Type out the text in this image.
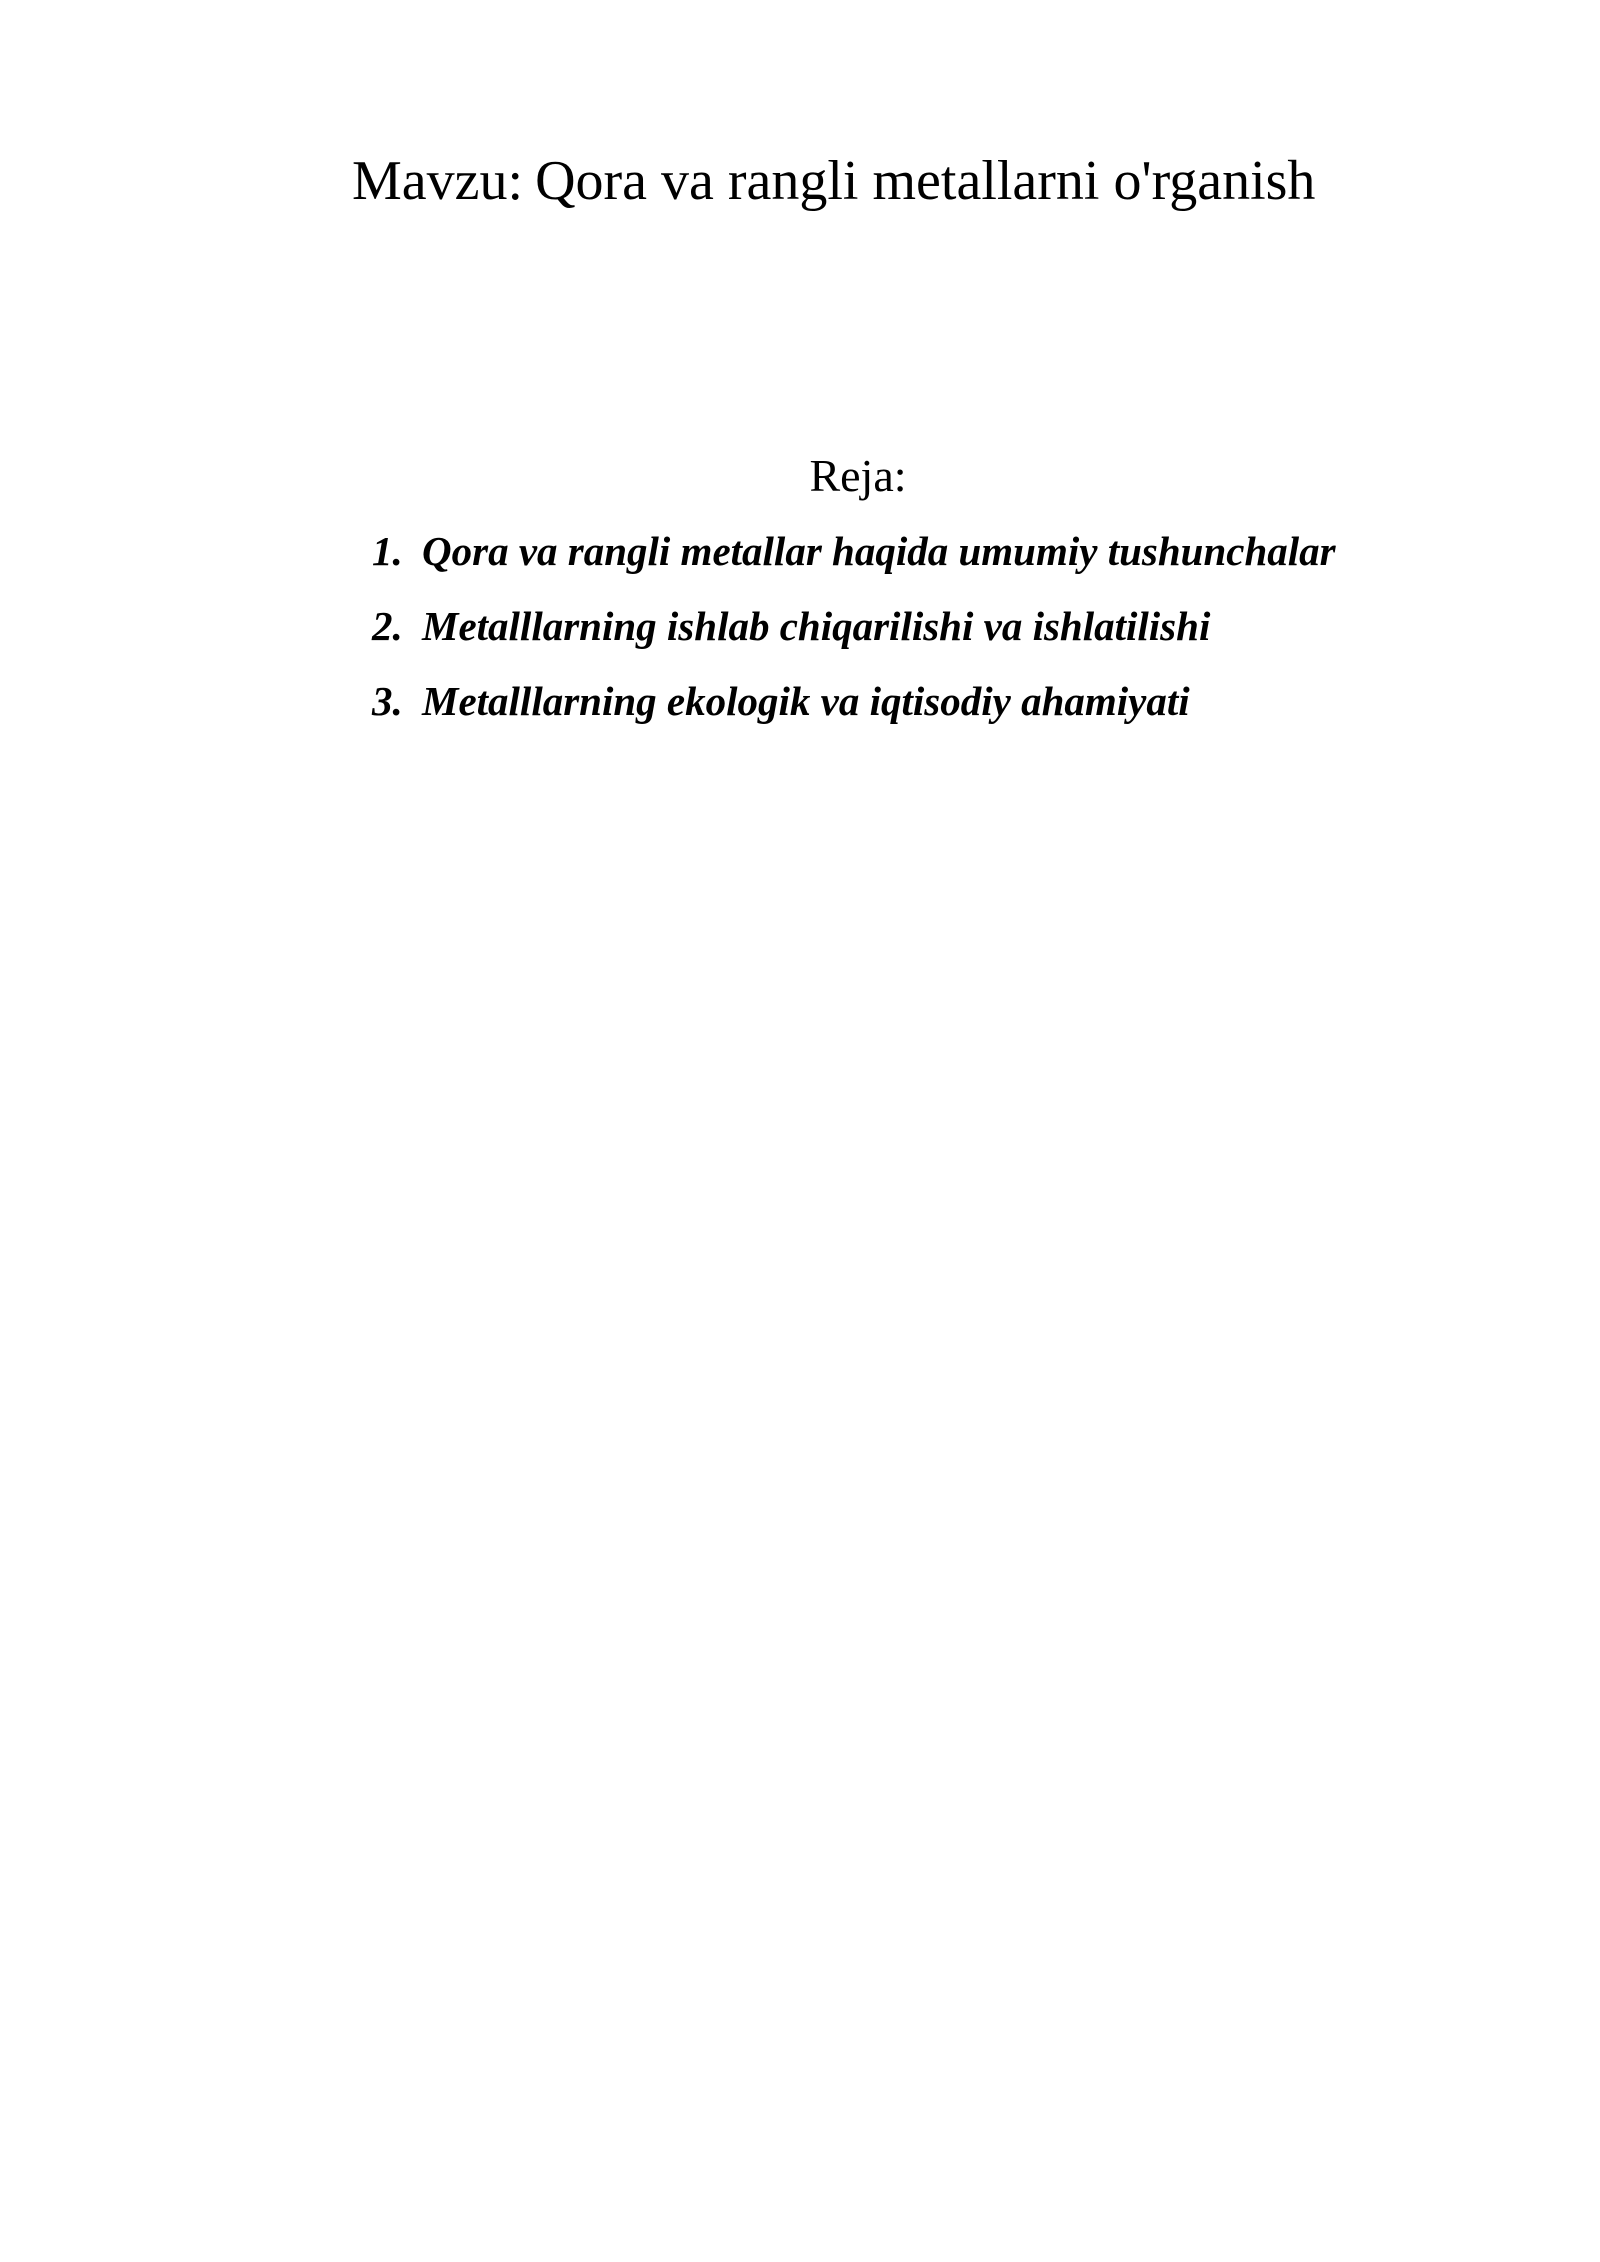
Mavzu: Qora va rangli metallarni o'rganish
Reja:
1. Qora va rangli metallar haqida umumiy tushunchalar
2. Metalllarning ishlab chiqarilishi va ishlatilishi
3. Metalllarning ekologik va iqtisodiy ahamiyati
